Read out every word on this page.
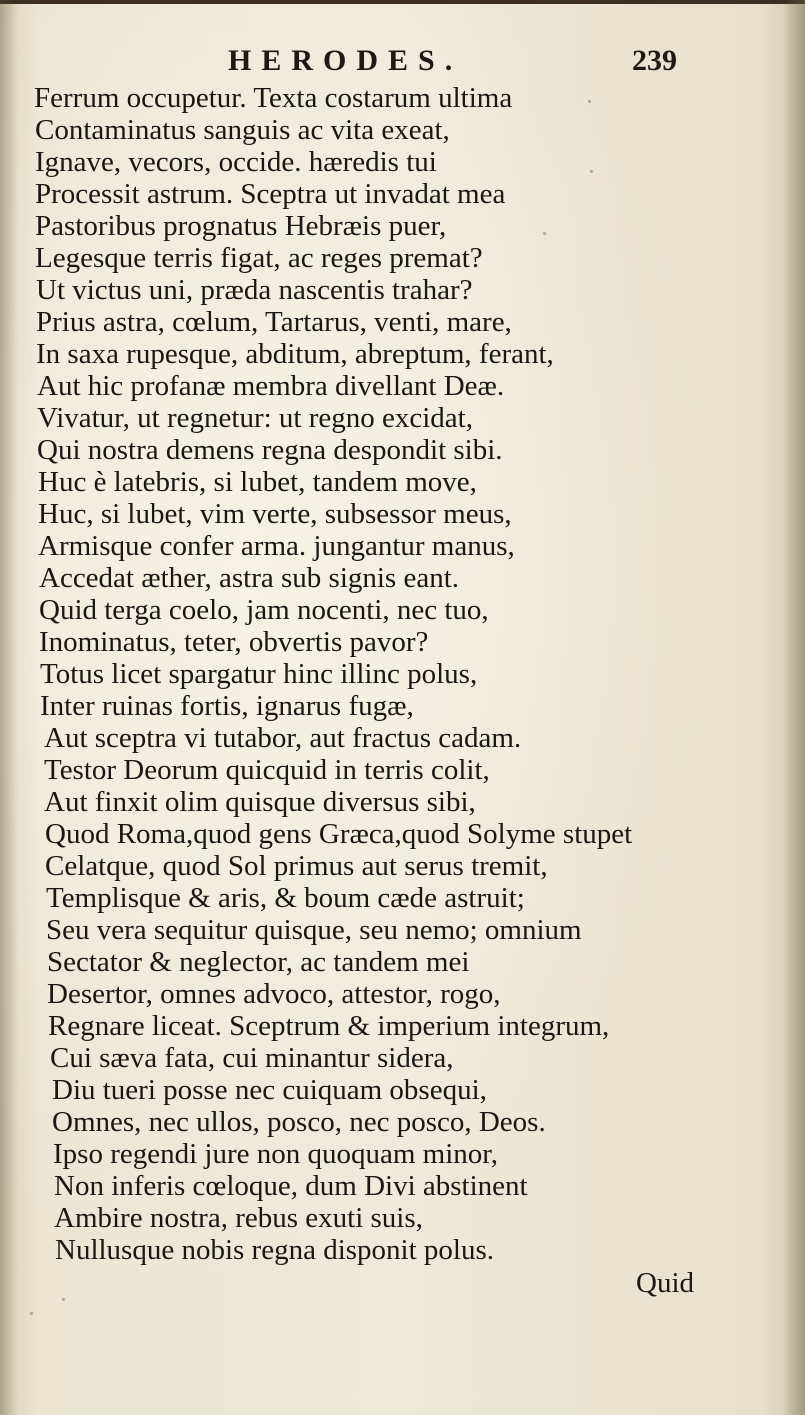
HERODES.	239
Ferrum occupetur. Texta costarum ultima
Contaminatus sanguis ac vita exeat,
Ignave, vecors, occide. hæredis tui
Processit astrum. Sceptra ut invadat mea
Pastoribus prognatus Hebræis puer,
Legesque terris figat, ac reges premat?
Ut victus uni, præda nascentis trahar?
Prius astra, cœlum, Tartarus, venti, mare,
In saxa rupesque, abditum, abreptum, ferant,
Aut hic profanæ membra divellant Deæ.
Vivatur, ut regnetur: ut regno excidat,
Qui nostra demens regna despondit sibi.
Huc è latebris, si lubet, tandem move,
Huc, si lubet, vim verte, subsessor meus,
Armisque confer arma. jungantur manus,
Accedat æther, astra sub signis eant.
Quid terga coelo, jam nocenti, nec tuo,
Inominatus, teter, obvertis pavor?
Totus licet spargatur hinc illinc polus,
Inter ruinas fortis, ignarus fugæ,
Aut sceptra vi tutabor, aut fractus cadam.
Testor Deorum quicquid in terris colit,
Aut finxit olim quisque diversus sibi,
Quod Roma,quod gens Græca,quod Solyme stupet
Celatque, quod Sol primus aut serus tremit,
Templisque & aris, & boum cæde astruit;
Seu vera sequitur quisque, seu nemo; omnium
Sectator & neglector, ac tandem mei
Desertor, omnes advoco, attestor, rogo,
Regnare liceat. Sceptrum & imperium integrum,
Cui sæva fata, cui minantur sidera,
Diu tueri posse nec cuiquam obsequi,
Omnes, nec ullos, posco, nec posco, Deos.
Ipso regendi jure non quoquam minor,
Non inferis cœloque, dum Divi abstinent
Ambire nostra, rebus exuti suis,
Nullusque nobis regna disponit polus.
Quid
